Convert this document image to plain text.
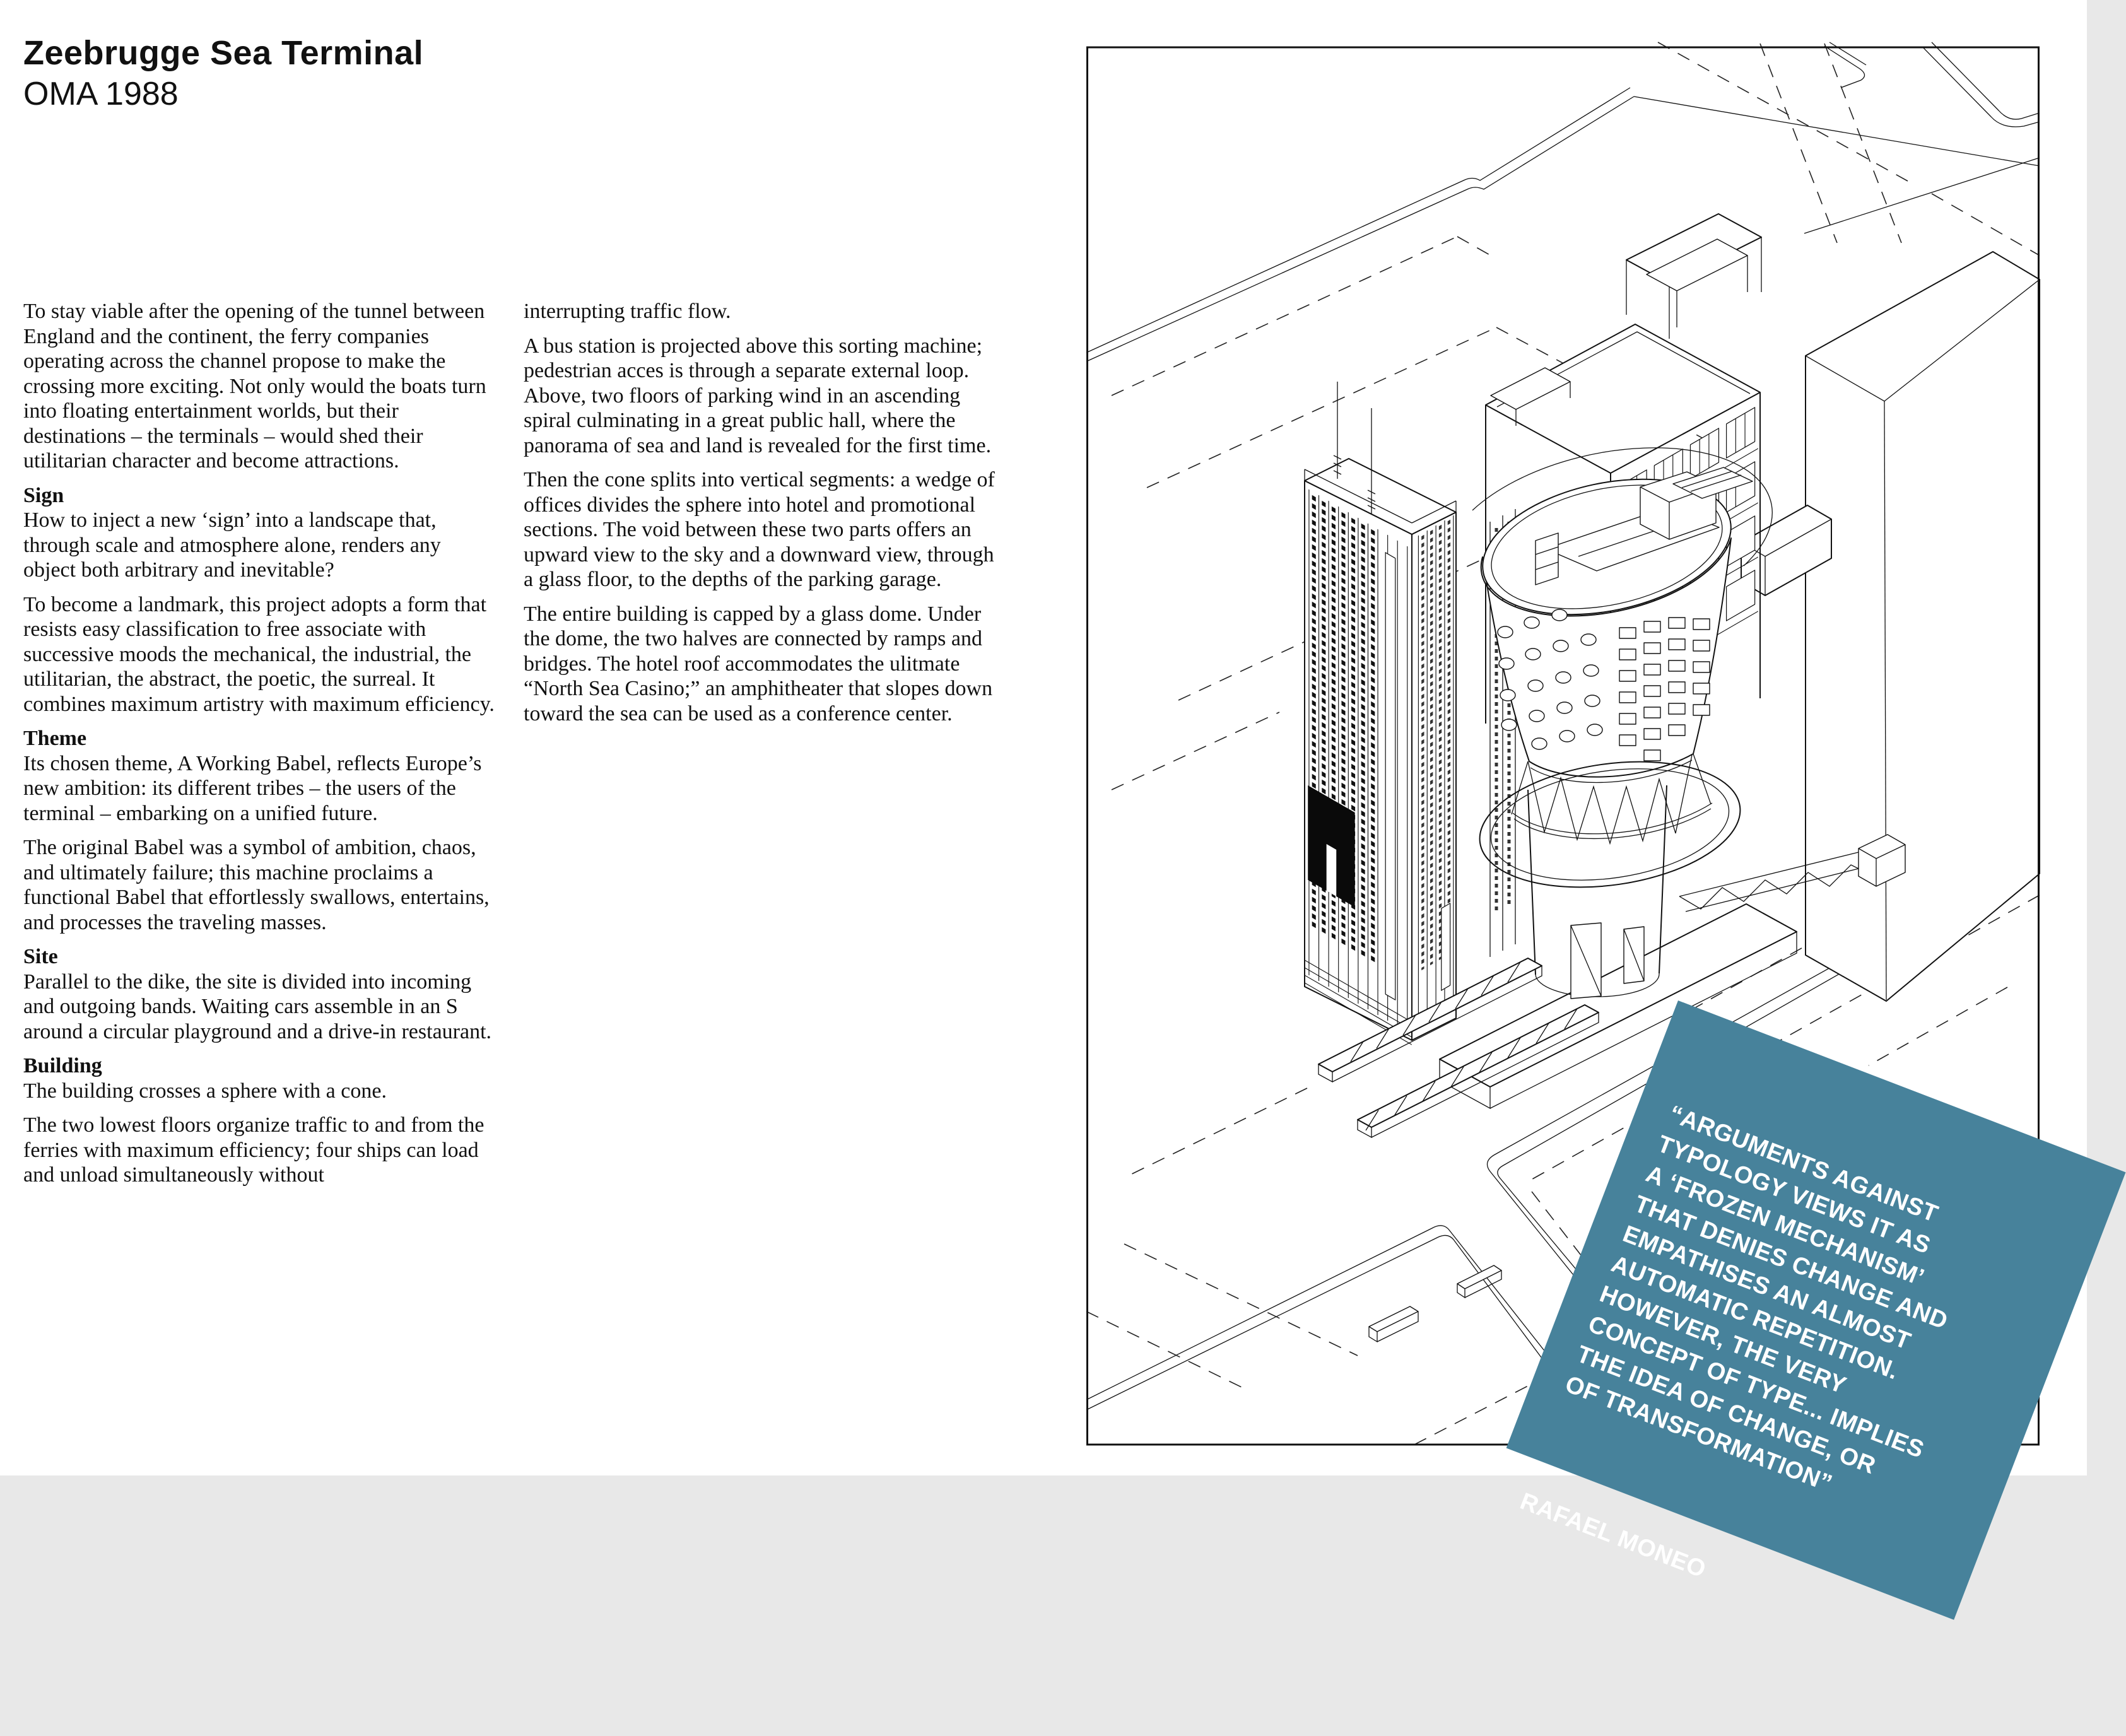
Zeebrugge Sea Terminal
OMA 1988

To stay viable after the opening of the tunnel between England and the continent, the ferry companies operating across the channel propose to make the crossing more exciting. Not only would the boats turn into floating entertainment worlds, but their destinations – the terminals – would shed their utilitarian character and become attractions.

Sign

How to inject a new ‘sign’ into a landscape that, through scale and atmosphere alone, renders any object both arbitrary and inevitable?

To become a landmark, this project adopts a form that resists easy classification to free associate with successive moods the mechanical, the industrial, the utilitarian, the abstract, the poetic, the surreal. It combines maximum artistry with maximum efficiency.

Theme

Its chosen theme, A Working Babel, reflects Europe’s new ambition: its different tribes – the users of the terminal – embarking on a unified future.

The original Babel was a symbol of ambition, chaos, and ultimately failure; this machine proclaims a functional Babel that effortlessly swallows, entertains, and processes the traveling masses.

Site

Parallel to the dike, the site is divided into incoming and outgoing bands. Waiting cars assemble in an S around a circular playground and a drive-in restaurant.

Building

The building crosses a sphere with a cone.

The two lowest floors organize traffic to and from the ferries with maximum efficiency; four ships can load and unload simultaneously without

interrupting traffic flow.

A bus station is projected above this sorting machine; pedestrian acces is through a separate external loop. Above, two floors of parking wind in an ascending spiral culminating in a great public hall, where the panorama of sea and land is revealed for the first time.

Then the cone splits into vertical segments: a wedge of offices divides the sphere into hotel and promotional sections. The void between these two parts offers an upward view to the sky and a downward view, through a glass floor, to the depths of the parking garage.

The entire building is capped by a glass dome. Under the dome, the two halves are connected by ramps and bridges. The hotel roof accommodates the ulitmate “North Sea Casino;” an amphitheater that slopes down toward the sea can be used as a conference center.

“ARGUMENTS AGAINST
TYPOLOGY VIEWS IT AS
A ‘FROZEN MECHANISM’
THAT DENIES CHANGE AND
EMPATHISES AN ALMOST
AUTOMATIC REPETITION.
HOWEVER, THE VERY
CONCEPT OF TYPE... IMPLIES
THE IDEA OF CHANGE, OR
OF TRANSFORMATION”

RAFAEL MONEO
